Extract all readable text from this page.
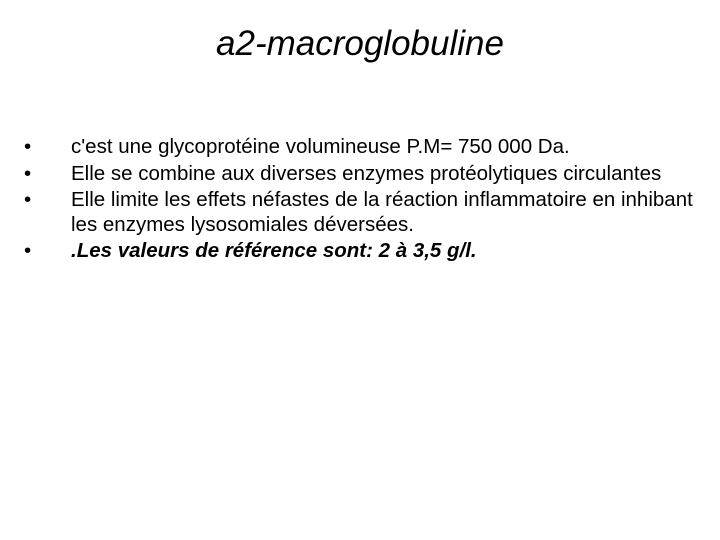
a2-macroglobuline
•	c'est une glycoprotéine volumineuse P.M= 750 000 Da.
•	Elle se combine aux diverses enzymes protéolytiques circulantes
•	Elle limite les effets néfastes de la réaction inflammatoire en inhibant les enzymes lysosomiales déversées.
•	.Les valeurs de référence sont: 2 à 3,5 g/l.
